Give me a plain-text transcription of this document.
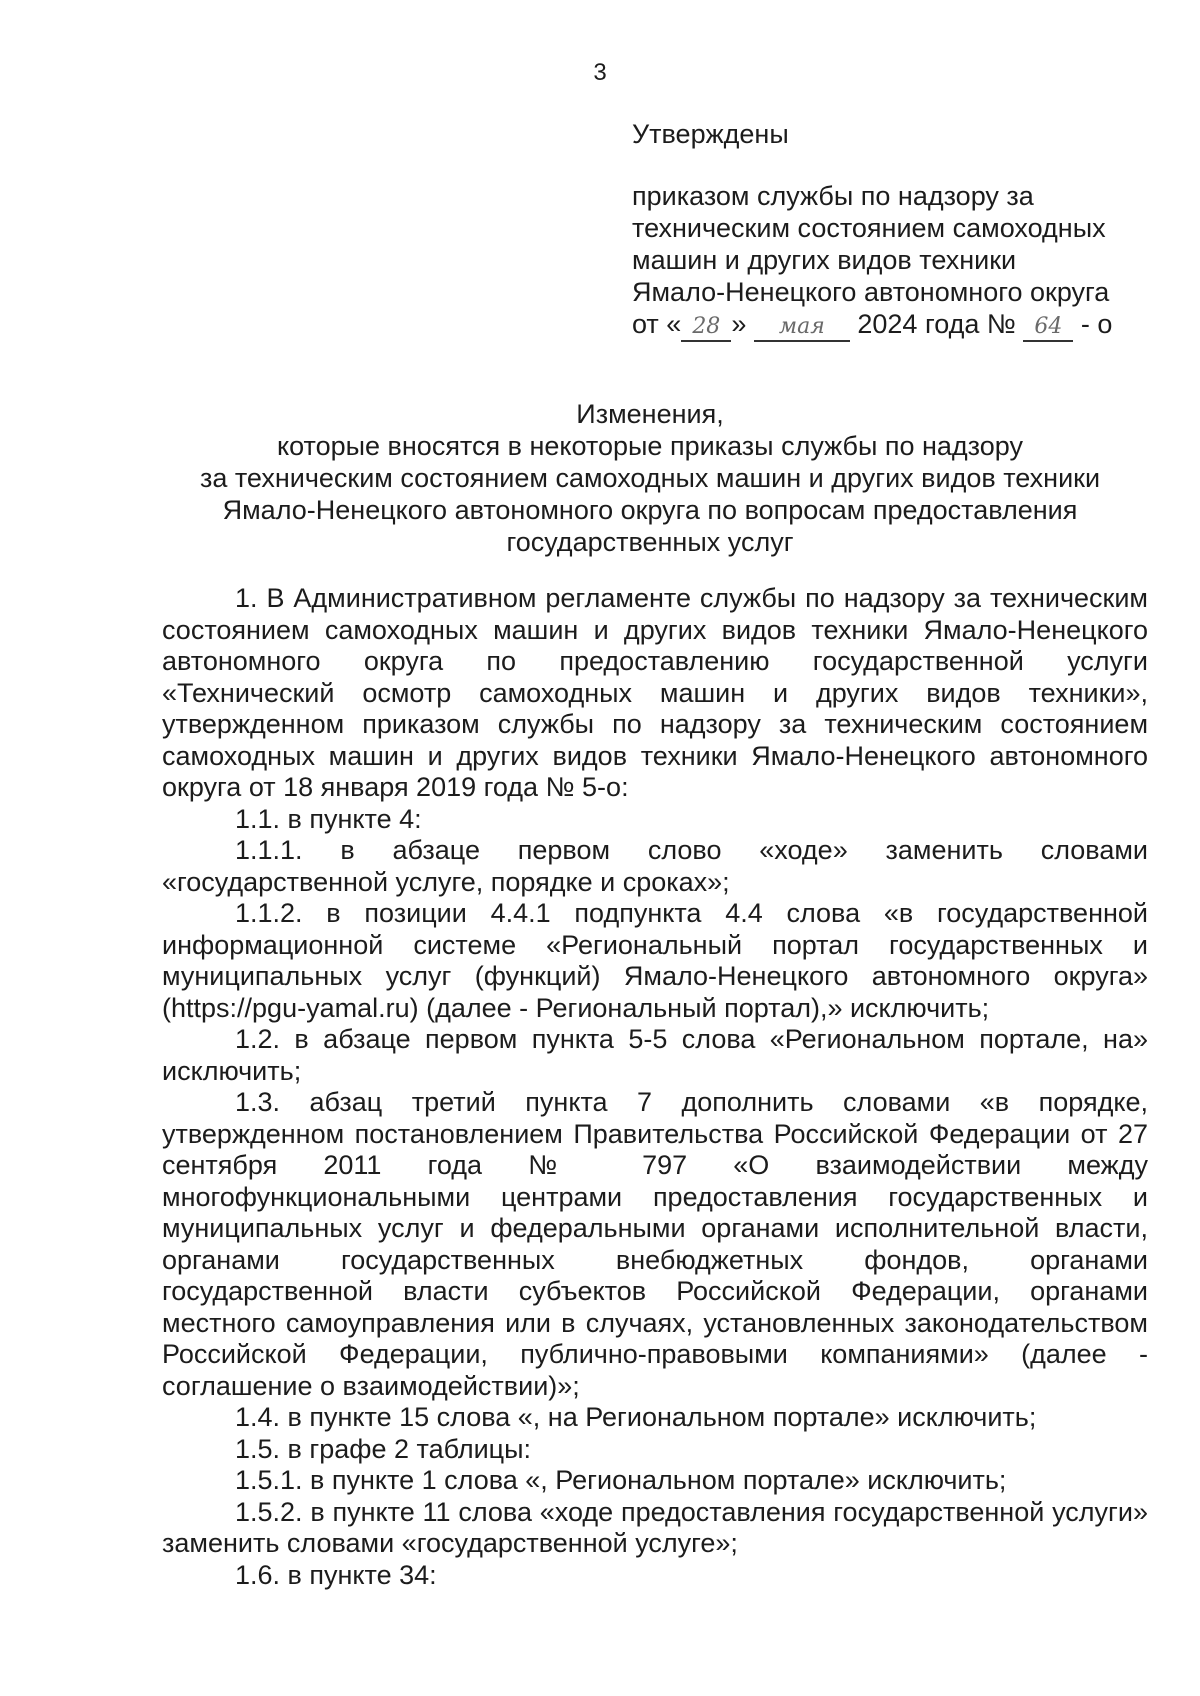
3
Утверждены
приказом службы по надзору за
техническим состоянием самоходных
машин и других видов техники
Ямало-Ненецкого автономного округа
от « 28 » мая 2024 года № 64 - о
Изменения,
которые вносятся в некоторые приказы службы по надзору
за техническим состоянием самоходных машин и других видов техники
Ямало-Ненецкого автономного округа по вопросам предоставления
государственных услуг

1. В Административном регламенте службы по надзору за техническим состоянием самоходных машин и других видов техники Ямало-Ненецкого автономного округа по предоставлению государственной услуги «Технический осмотр самоходных машин и других видов техники», утвержденном приказом службы по надзору за техническим состоянием самоходных машин и других видов техники Ямало-Ненецкого автономного округа от 18 января 2019 года № 5-о:

1.1. в пункте 4:

1.1.1. в абзаце первом слово «ходе» заменить словами «государственной услуге, порядке и сроках»;

1.1.2. в позиции 4.4.1 подпункта 4.4 слова «в государственной информационной системе «Региональный портал государственных и муниципальных услуг (функций) Ямало-Ненецкого автономного округа» (https://pgu-yamal.ru) (далее - Региональный портал),» исключить;

1.2. в абзаце первом пункта 5-5 слова «Региональном портале, на» исключить;

1.3. абзац третий пункта 7 дополнить словами «в порядке, утвержденном постановлением Правительства Российской Федерации от 27 сентября 2011 года № 797 «О взаимодействии между многофункциональными центрами предоставления государственных и муниципальных услуг и федеральными органами исполнительной власти, органами государственных внебюджетных фондов, органами государственной власти субъектов Российской Федерации, органами местного самоуправления или в случаях, установленных законодательством Российской Федерации, публично-правовыми компаниями» (далее - соглашение о взаимодействии)»;

1.4. в пункте 15 слова «, на Региональном портале» исключить;

1.5. в графе 2 таблицы:

1.5.1. в пункте 1 слова «, Региональном портале» исключить;

1.5.2. в пункте 11 слова «ходе предоставления государственной услуги» заменить словами «государственной услуге»;

1.6. в пункте 34:
